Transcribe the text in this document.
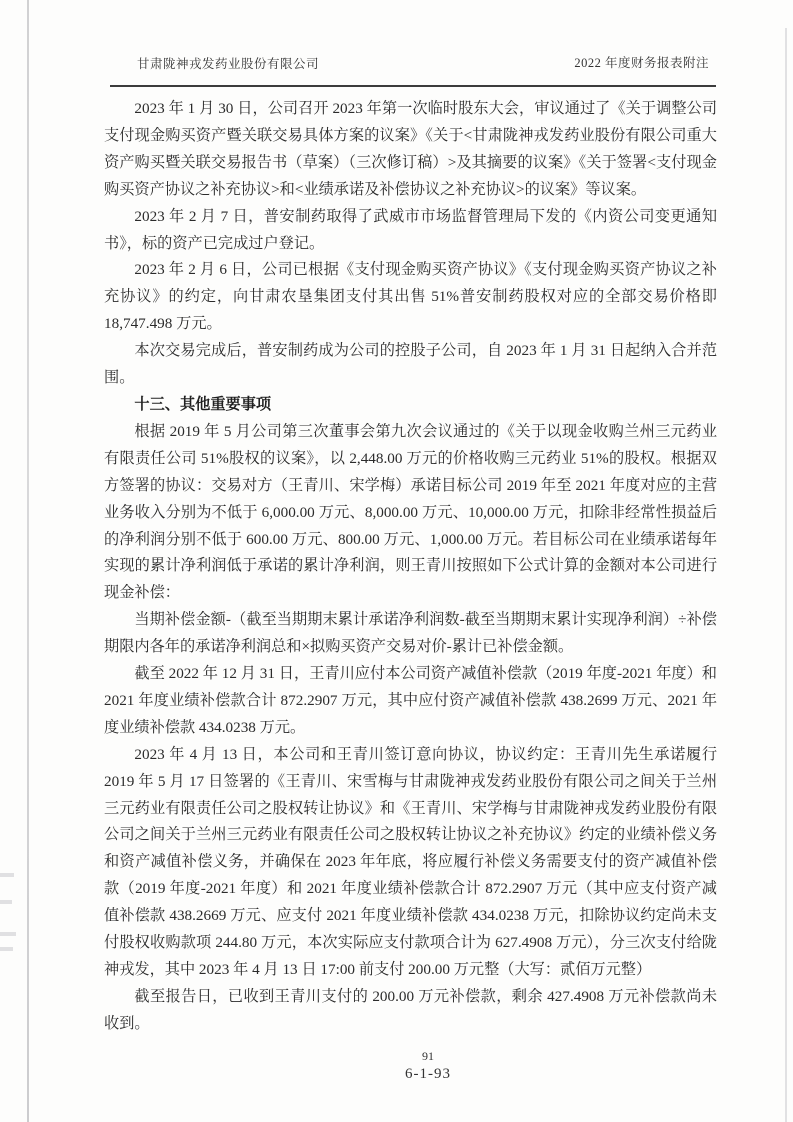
甘肃陇神戎发药业股份有限公司	2022 年度财务报表附注

2023 年 1 月 30 日，公司召开 2023 年第一次临时股东大会，审议通过了《关于调整公司支付现金购买资产暨关联交易具体方案的议案》《关于<甘肃陇神戎发药业股份有限公司重大资产购买暨关联交易报告书（草案）（三次修订稿）>及其摘要的议案》《关于签署<支付现金购买资产协议之补充协议>和<业绩承诺及补偿协议之补充协议>的议案》等议案。

2023 年 2 月 7 日，普安制药取得了武威市市场监督管理局下发的《内资公司变更通知书》，标的资产已完成过户登记。

2023 年 2 月 6 日，公司已根据《支付现金购买资产协议》《支付现金购买资产协议之补充协议》的约定，向甘肃农垦集团支付其出售 51%普安制药股权对应的全部交易价格即 18,747.498 万元。

本次交易完成后，普安制药成为公司的控股子公司，自 2023 年 1 月 31 日起纳入合并范围。

十三、其他重要事项

根据 2019 年 5 月公司第三次董事会第九次会议通过的《关于以现金收购兰州三元药业有限责任公司 51%股权的议案》，以 2,448.00 万元的价格收购三元药业 51%的股权。根据双方签署的协议：交易对方（王青川、宋学梅）承诺目标公司 2019 年至 2021 年度对应的主营业务收入分别为不低于 6,000.00 万元、8,000.00 万元、10,000.00 万元，扣除非经常性损益后的净利润分别不低于 600.00 万元、800.00 万元、1,000.00 万元。若目标公司在业绩承诺每年实现的累计净利润低于承诺的累计净利润，则王青川按照如下公式计算的金额对本公司进行现金补偿：

当期补偿金额-（截至当期期末累计承诺净利润数-截至当期期末累计实现净利润）÷补偿期限内各年的承诺净利润总和×拟购买资产交易对价-累计已补偿金额。

截至 2022 年 12 月 31 日，王青川应付本公司资产减值补偿款（2019 年度-2021 年度）和 2021 年度业绩补偿款合计 872.2907 万元，其中应付资产减值补偿款 438.2699 万元、2021 年度业绩补偿款 434.0238 万元。

2023 年 4 月 13 日，本公司和王青川签订意向协议，协议约定：王青川先生承诺履行 2019 年 5 月 17 日签署的《王青川、宋雪梅与甘肃陇神戎发药业股份有限公司之间关于兰州三元药业有限责任公司之股权转让协议》和《王青川、宋学梅与甘肃陇神戎发药业股份有限公司之间关于兰州三元药业有限责任公司之股权转让协议之补充协议》约定的业绩补偿义务和资产减值补偿义务，并确保在 2023 年年底，将应履行补偿义务需要支付的资产减值补偿款（2019 年度-2021 年度）和 2021 年度业绩补偿款合计 872.2907 万元（其中应支付资产减值补偿款 438.2669 万元、应支付 2021 年度业绩补偿款 434.0238 万元，扣除协议约定尚未支付股权收购款项 244.80 万元，本次实际应支付款项合计为 627.4908 万元），分三次支付给陇神戎发，其中 2023 年 4 月 13 日 17:00 前支付 200.00 万元整（大写：贰佰万元整）

截至报告日，已收到王青川支付的 200.00 万元补偿款，剩余 427.4908 万元补偿款尚未收到。

91
6-1-93
